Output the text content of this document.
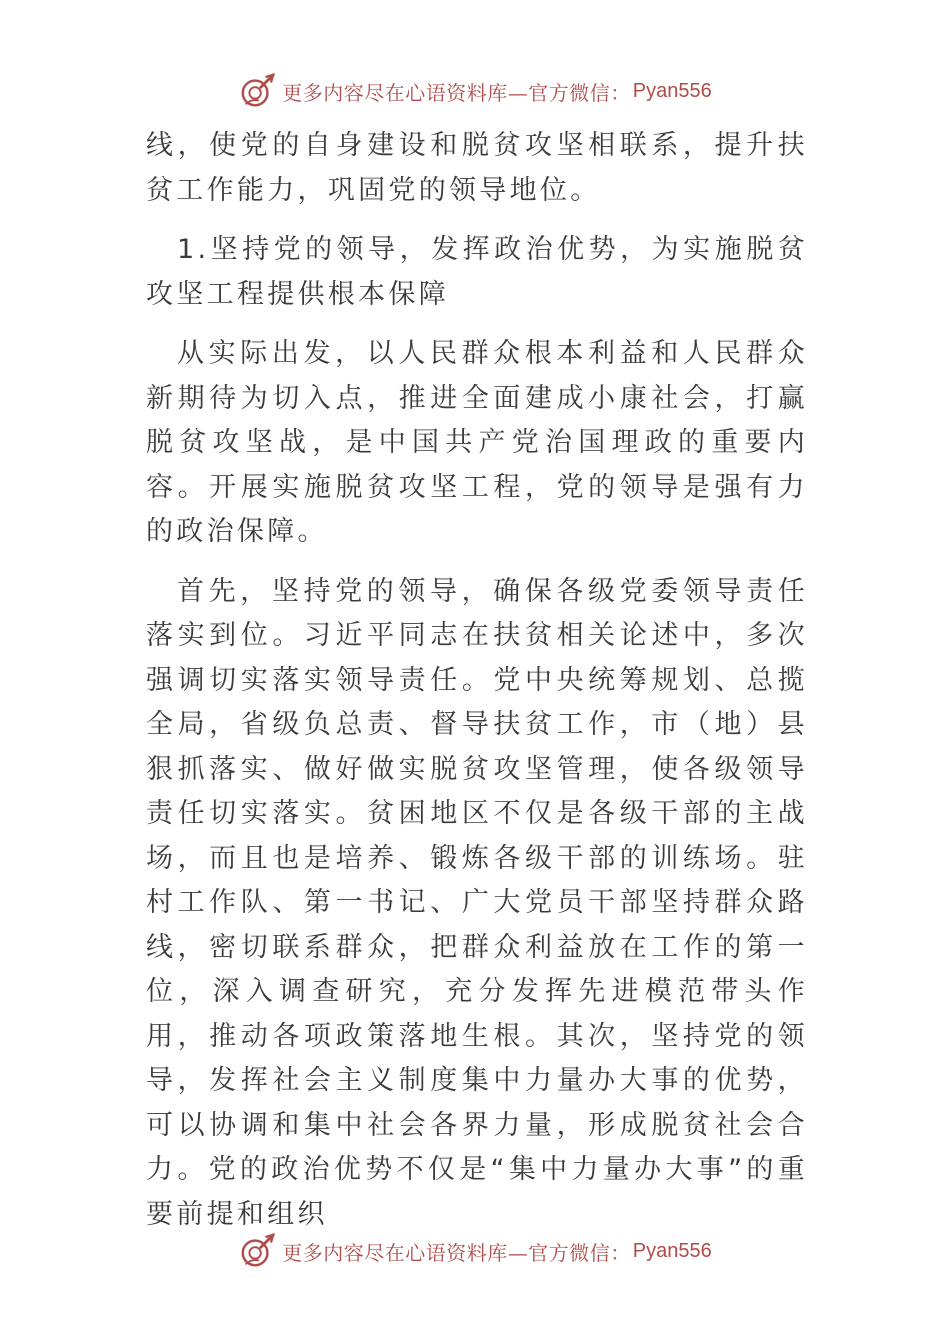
更多内容尽在心语资料库—官方微信： Pyan556

线，使党的自身建设和脱贫攻坚相联系，提升扶贫工作能力，巩固党的领导地位。

1.坚持党的领导，发挥政治优势，为实施脱贫攻坚工程提供根本保障

从实际出发，以人民群众根本利益和人民群众新期待为切入点，推进全面建成小康社会，打赢脱贫攻坚战，是中国共产党治国理政的重要内容。开展实施脱贫攻坚工程，党的领导是强有力的政治保障。

首先，坚持党的领导，确保各级党委领导责任落实到位。习近平同志在扶贫相关论述中，多次强调切实落实领导责任。党中央统筹规划、总揽全局，省级负总责、督导扶贫工作，市（地）县狠抓落实、做好做实脱贫攻坚管理，使各级领导责任切实落实。贫困地区不仅是各级干部的主战场，而且也是培养、锻炼各级干部的训练场。驻村工作队、第一书记、广大党员干部坚持群众路线，密切联系群众，把群众利益放在工作的第一位，深入调查研究，充分发挥先进模范带头作用，推动各项政策落地生根。其次，坚持党的领导，发挥社会主义制度集中力量办大事的优势，可以协调和集中社会各界力量，形成脱贫社会合力。党的政治优势不仅是“集中力量办大事”的重要前提和组织

更多内容尽在心语资料库—官方微信： Pyan556
